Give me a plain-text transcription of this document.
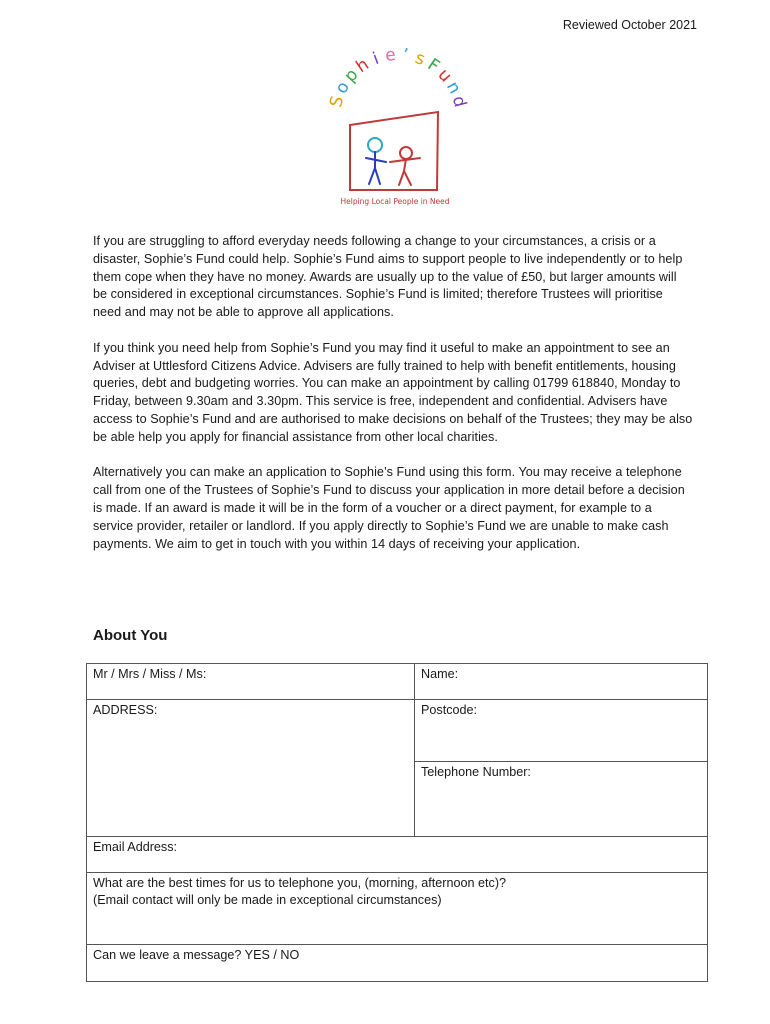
Reviewed October 2021
S
o
p
h
i e ’ s
F
u
n
d
Helping Local People in Need

If you are struggling to afford everyday needs following a change to your circumstances, a crisis or a disaster, Sophie’s Fund could help. Sophie’s Fund aims to support people to live independently or to help them cope when they have no money. Awards are usually up to the value of £50, but larger amounts will be considered in exceptional circumstances. Sophie’s Fund is limited; therefore Trustees will prioritise need and may not be able to approve all applications.

If you think you need help from Sophie’s Fund you may find it useful to make an appointment to see an Adviser at Uttlesford Citizens Advice. Advisers are fully trained to help with benefit entitlements, housing queries, debt and budgeting worries. You can make an appointment by calling 01799 618840, Monday to Friday, between 9.30am and 3.30pm. This service is free, independent and confidential. Advisers have access to Sophie’s Fund and are authorised to make decisions on behalf of the Trustees; they may be also be able help you apply for financial assistance from other local charities.

Alternatively you can make an application to Sophie’s Fund using this form. You may receive a telephone call from one of the Trustees of Sophie’s Fund to discuss your application in more detail before a decision is made. If an award is made it will be in the form of a voucher or a direct payment, for example to a service provider, retailer or landlord. If you apply directly to Sophie’s Fund we are unable to make cash payments. We aim to get in touch with you within 14 days of receiving your application.

About You
Mr / Mrs / Miss / Ms:	Name:
ADDRESS:	Postcode:
	Telephone Number:
Email Address:	

What are the best times for us to telephone you, (morning, afternoon etc)?
(Email contact will only be made in exceptional circumstances)	

Can we leave a message? YES / NO	
